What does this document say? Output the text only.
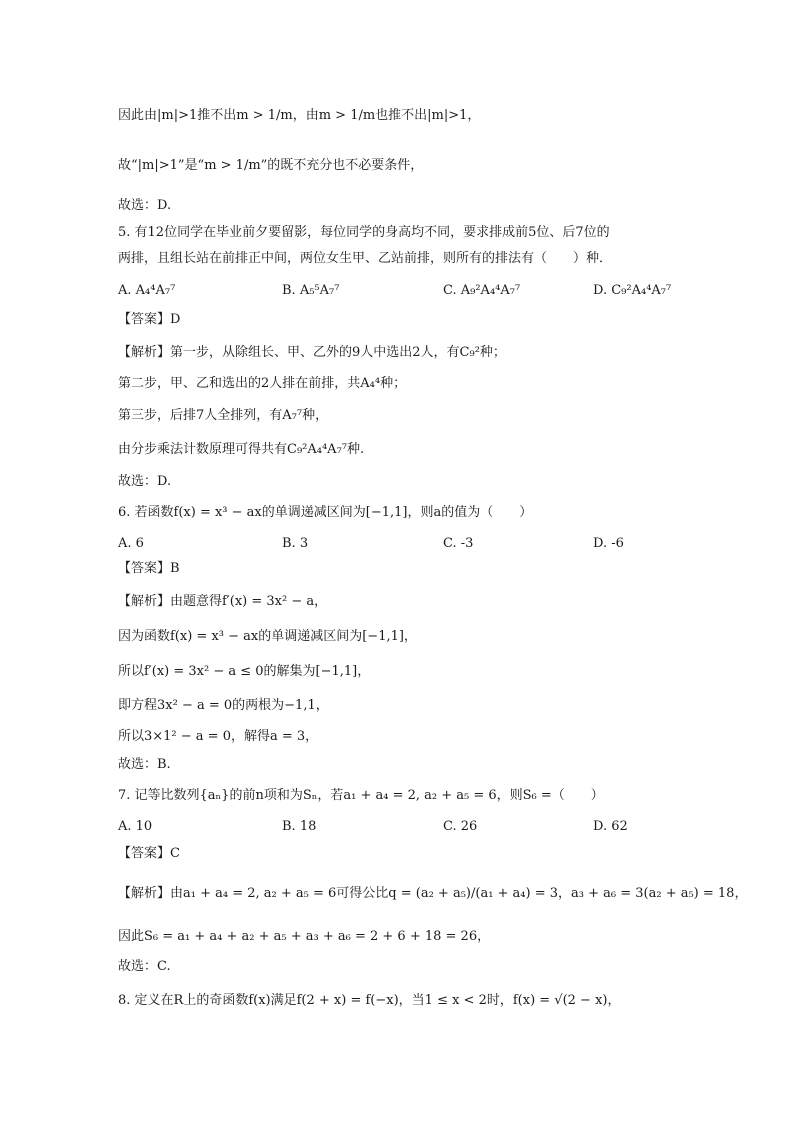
因此由|m|>1推不出m > 1/m，由m > 1/m也推不出|m|>1，
故“|m|>1”是“m > 1/m”的既不充分也不必要条件，
故选：D.
5. 有12位同学在毕业前夕要留影，每位同学的身高均不同，要求排成前5位、后7位的
两排，且组长站在前排正中间，两位女生甲、乙站前排，则所有的排法有（　　）种．
A. A₄⁴A₇⁷	B. A₅⁵A₇⁷	C. A₉²A₄⁴A₇⁷	D. C₉²A₄⁴A₇⁷
【答案】D
【解析】第一步，从除组长、甲、乙外的9人中选出2人，有C₉²种；
第二步，甲、乙和选出的2人排在前排，共A₄⁴种；
第三步，后排7人全排列，有A₇⁷种，
由分步乘法计数原理可得共有C₉²A₄⁴A₇⁷种.
故选：D.
6. 若函数f(x) = x³ − ax的单调递减区间为[−1,1]，则a的值为（　　）
A. 6	B. 3	C. -3	D. -6
【答案】B
【解析】由题意得f′(x) = 3x² − a，
因为函数f(x) = x³ − ax的单调递减区间为[−1,1]，
所以f′(x) = 3x² − a ≤ 0的解集为[−1,1]，
即方程3x² − a = 0的两根为−1,1，
所以3×1² − a = 0，解得a = 3，
故选：B.
7. 记等比数列{aₙ}的前n项和为Sₙ，若a₁ + a₄ = 2, a₂ + a₅ = 6，则S₆ =（　　）
A. 10	B. 18	C. 26	D. 62
【答案】C
【解析】由a₁ + a₄ = 2, a₂ + a₅ = 6可得公比q = (a₂ + a₅)/(a₁ + a₄) = 3，a₃ + a₆ = 3(a₂ + a₅) = 18，
因此S₆ = a₁ + a₄ + a₂ + a₅ + a₃ + a₆ = 2 + 6 + 18 = 26，
故选：C.
8. 定义在R上的奇函数f(x)满足f(2 + x) = f(−x)，当1 ≤ x < 2时，f(x) = √(2 − x)，
